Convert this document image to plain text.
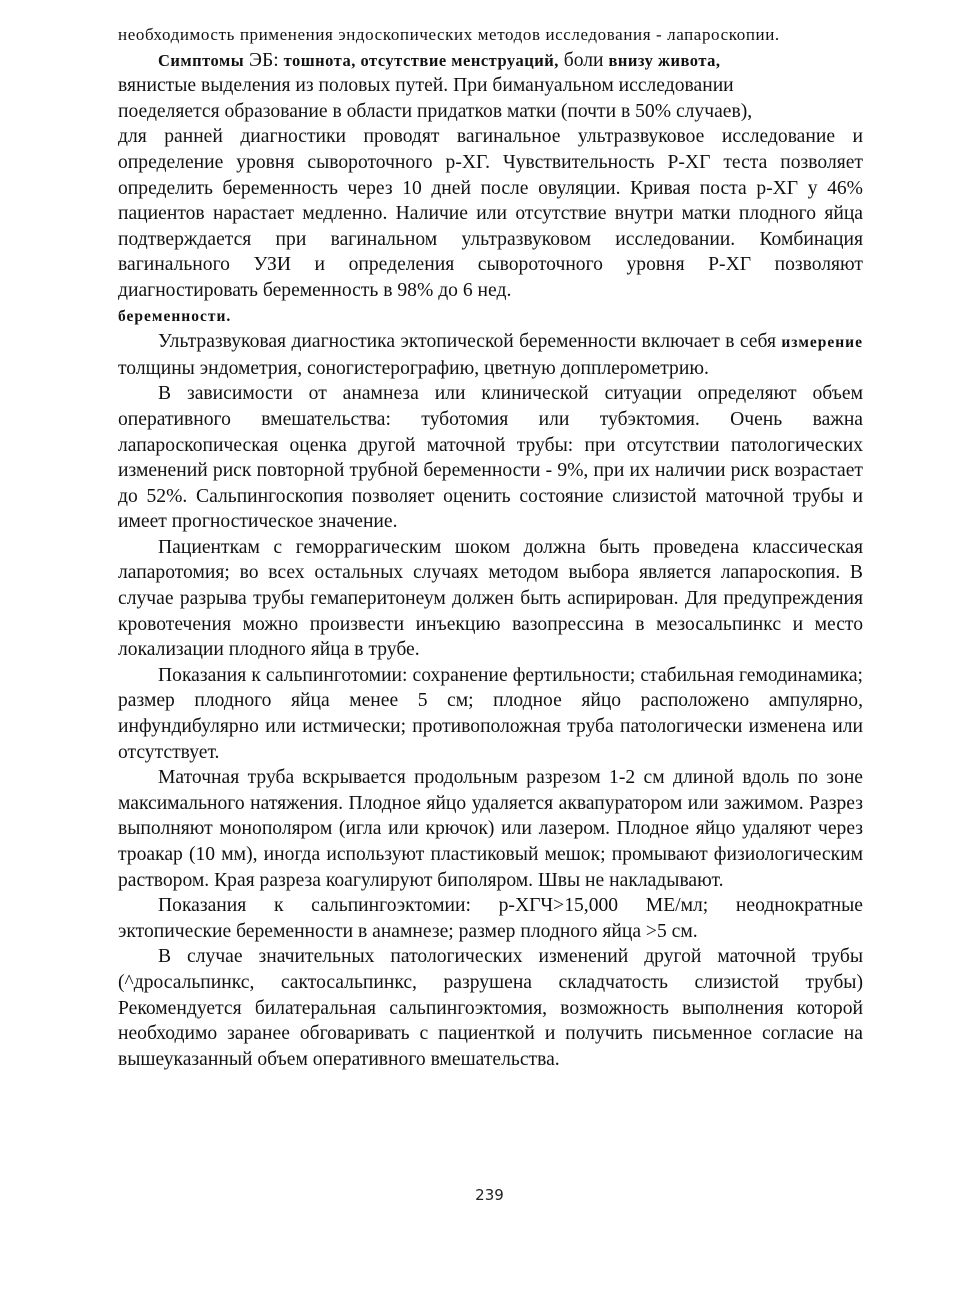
необходимость применения эндоскопических методов исследования - лапароскопии.

Симптомы ЭБ: тошнота, отсутствие менструаций, боли внизу живота,

вянистые выделения из половых путей. При бимануальном исследовании

поеделяется образование в области придатков матки (почти в 50% случаев),

для ранней диагностики проводят вагинальное ультразвуковое исследование и определение уровня сывороточного р-ХГ. Чувствительность Р-ХГ теста позволяет определить беременность через 10 дней после овуляции. Кривая поста р-ХГ у 46% пациентов нарастает медленно. Наличие или отсутствие внутри матки плодного яйца подтверждается при вагинальном ультразвуковом исследовании. Комбинация вагинального УЗИ и определения сывороточного уровня Р-ХГ позволяют диагностировать беременность в 98% до 6 нед.

беременности.

Ультразвуковая диагностика эктопической беременности включает в себя измерение толщины эндометрия, соногистерографию, цветную допплерометрию.

В зависимости от анамнеза или клинической ситуации определяют объем оперативного вмешательства: туботомия или тубэктомия. Очень важна лапароскопическая оценка другой маточной трубы: при отсутствии патологических изменений риск повторной трубной беременности - 9%, при их наличии риск возрастает до 52%. Сальпингоскопия позволяет оценить состояние слизистой маточной трубы и имеет прогностическое значение.

Пациенткам с геморрагическим шоком должна быть проведена классическая лапаротомия; во всех остальных случаях методом выбора является лапароскопия. В случае разрыва трубы гемаперитонеум должен быть аспирирован. Для предупреждения кровотечения можно произвести инъекцию вазопрессина в мезосальпинкс и место локализации плодного яйца в трубе.

Показания к сальпинготомии: сохранение фертильности; стабильная гемодинамика; размер плодного яйца менее 5 см; плодное яйцо расположено ампулярно, инфундибулярно или истмически; противоположная труба патологически изменена или отсутствует.

Маточная труба вскрывается продольным разрезом 1-2 см длиной вдоль по зоне максимального натяжения. Плодное яйцо удаляется аквапуратором или зажимом. Разрез выполняют монополяром (игла или крючок) или лазером. Плодное яйцо удаляют через троакар (10 мм), иногда используют пластиковый мешок; промывают физиологическим раствором. Края разреза коагулируют биполяром. Швы не накладывают.

Показания к сальпингоэктомии: р-ХГЧ>15,000 МЕ/мл; неоднократные эктопические беременности в анамнезе; размер плодного яйца >5 см.

В случае значительных патологических изменений другой маточной трубы (^дросальпинкс, сактосальпинкс, разрушена складчатость слизистой трубы) Рекомендуется билатеральная сальпингоэктомия, возможность выполнения которой необходимо заранее обговаривать с пациенткой и получить письменное согласие на вышеуказанный объем оперативного вмешательства.

239
